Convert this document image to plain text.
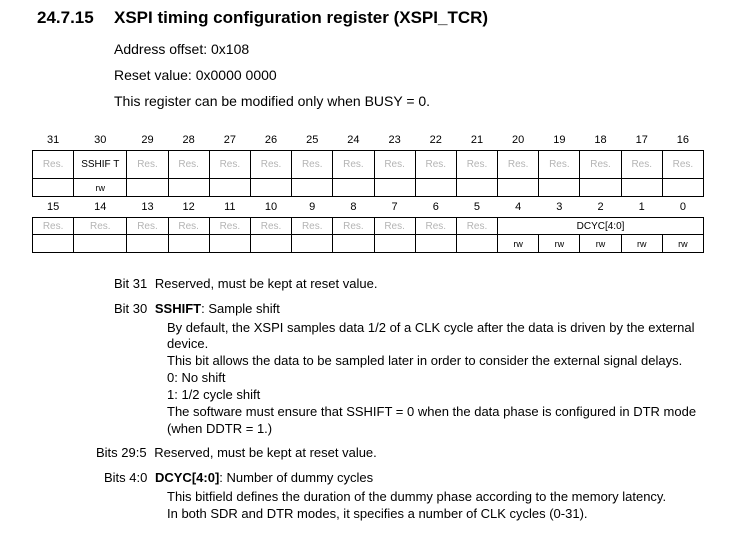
24.7.15 XSPI timing configuration register (XSPI_TCR)
Address offset: 0x108
Reset value: 0x0000 0000
This register can be modified only when BUSY = 0.
31	30	29	28	27	26	25	24	23	22	21	20	19	18	17	16
Res.	SSHIF T	Res.	Res.	Res.	Res.	Res.	Res.	Res.	Res.	Res.	Res.	Res.	Res.	Res.	Res.
	rw														
15	14	13	12	11	10	9	8	7	6	5	4	3	2	1	0
Res.	Res.	Res.	Res.	Res.	Res.	Res.	Res.	Res.	Res.	Res.	DCYC[4:0]				
											rw	rw	rw	rw	rw
Bit 31 Reserved, must be kept at reset value.
Bit 30 SSHIFT: Sample shift
By default, the XSPI samples data 1/2 of a CLK cycle after the data is driven by the external
device.
This bit allows the data to be sampled later in order to consider the external signal delays.
0: No shift
1: 1/2 cycle shift
The software must ensure that SSHIFT = 0 when the data phase is configured in DTR mode
(when DDTR = 1.)
Bits 29:5 Reserved, must be kept at reset value.
Bits 4:0 DCYC[4:0]: Number of dummy cycles
This bitfield defines the duration of the dummy phase according to the memory latency.
In both SDR and DTR modes, it specifies a number of CLK cycles (0-31).
